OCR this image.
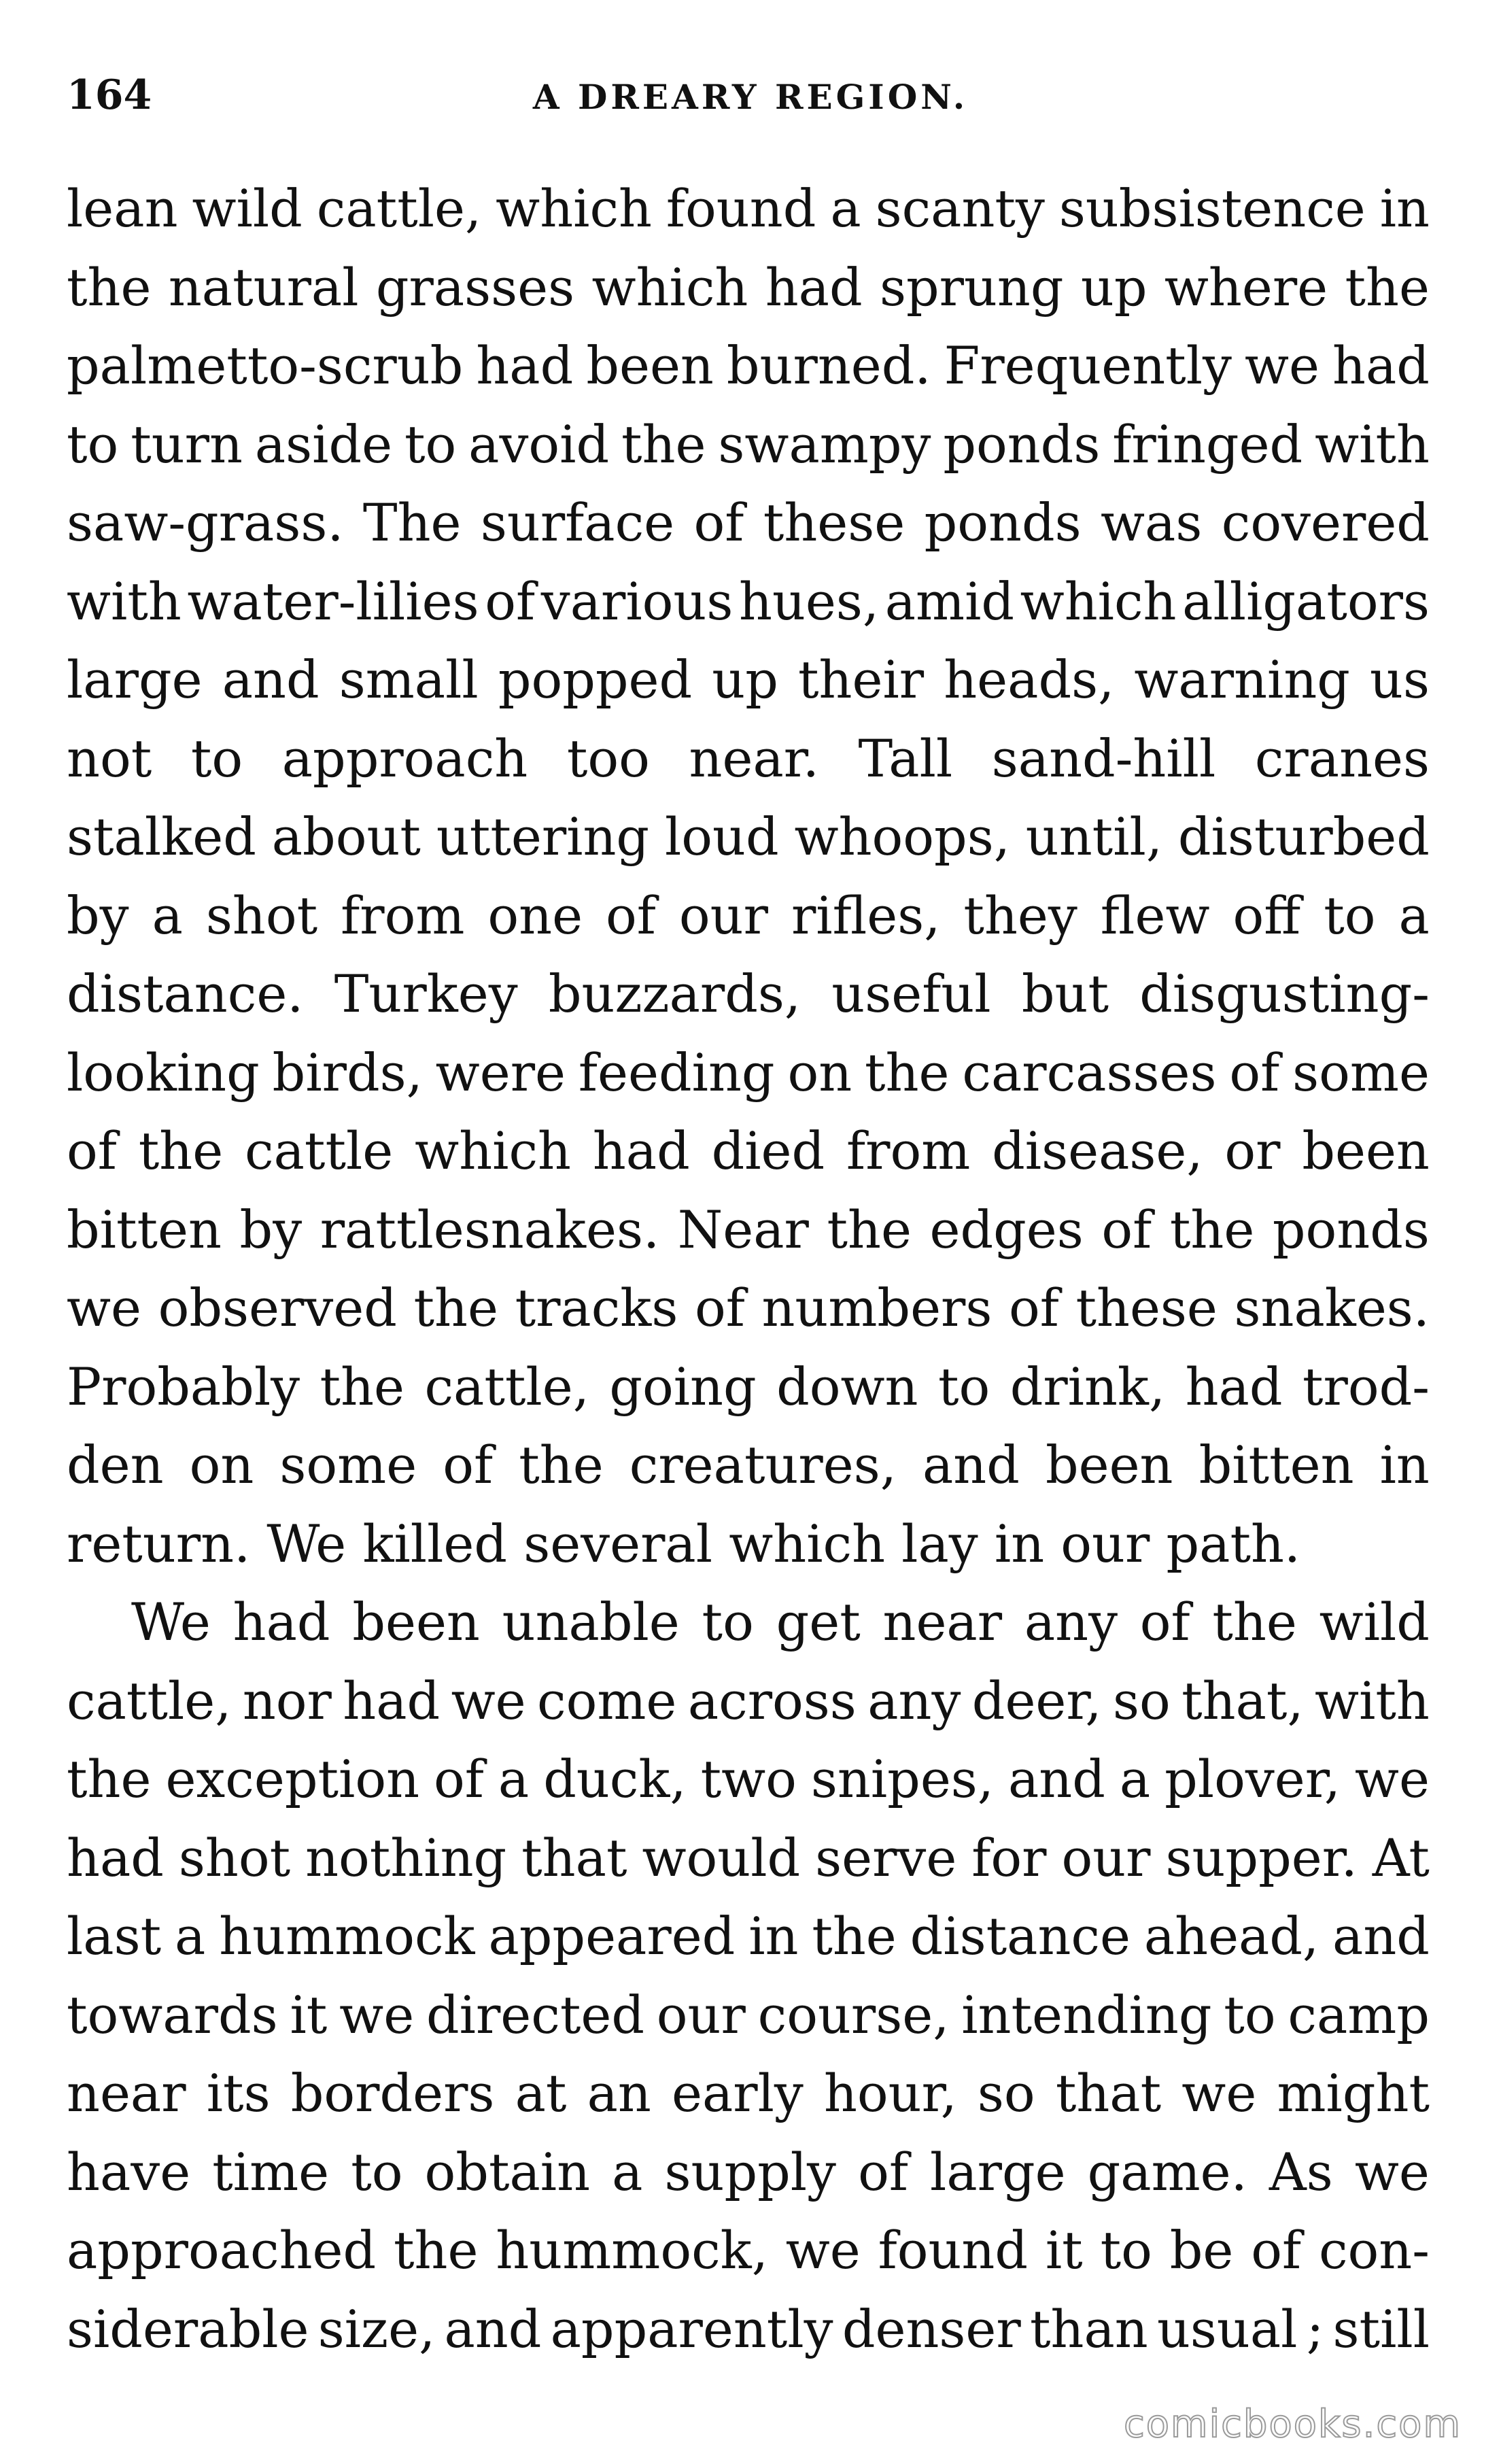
164	A DREARY REGION.
lean wild cattle, which found a scanty subsistence in
the natural grasses which had sprung up where the
palmetto-scrub had been burned. Frequently we had
to turn aside to avoid the swampy ponds fringed with
saw-grass. The surface of these ponds was covered
with water-lilies of various hues, amid which alligators
large and small popped up their heads, warning us
not to approach too near. Tall sand-hill cranes
stalked about uttering loud whoops, until, disturbed
by a shot from one of our rifles, they flew off to a
distance. Turkey buzzards, useful but disgusting-
looking birds, were feeding on the carcasses of some
of the cattle which had died from disease, or been
bitten by rattlesnakes. Near the edges of the ponds
we observed the tracks of numbers of these snakes.
Probably the cattle, going down to drink, had trod-
den on some of the creatures, and been bitten in
return. We killed several which lay in our path.
We had been unable to get near any of the wild
cattle, nor had we come across any deer, so that, with
the exception of a duck, two snipes, and a plover, we
had shot nothing that would serve for our supper. At
last a hummock appeared in the distance ahead, and
towards it we directed our course, intending to camp
near its borders at an early hour, so that we might
have time to obtain a supply of large game. As we
approached the hummock, we found it to be of con-
siderable size, and apparently denser than usual ; still
comicbooks.com
